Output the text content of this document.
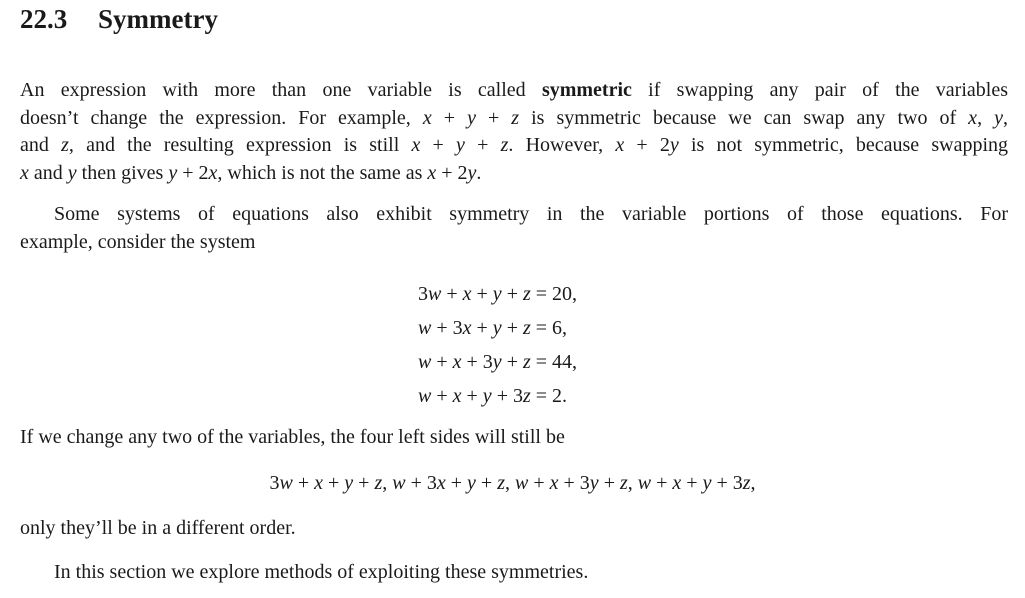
22.3 Symmetry
An expression with more than one variable is called symmetric if swapping any pair of the variables
doesn’t change the expression. For example, x + y + z is symmetric because we can swap any two of x, y,
and z, and the resulting expression is still x + y + z. However, x + 2y is not symmetric, because swapping
x and y then gives y + 2x, which is not the same as x + 2y.
Some systems of equations also exhibit symmetry in the variable portions of those equations. For
example, consider the system
3w + x + y + z = 20,
w + 3x + y + z = 6,
w + x + 3y + z = 44,
w + x + y + 3z = 2.
If we change any two of the variables, the four left sides will still be
3w + x + y + z, w + 3x + y + z, w + x + 3y + z, w + x + y + 3z,
only they’ll be in a different order.
In this section we explore methods of exploiting these symmetries.
